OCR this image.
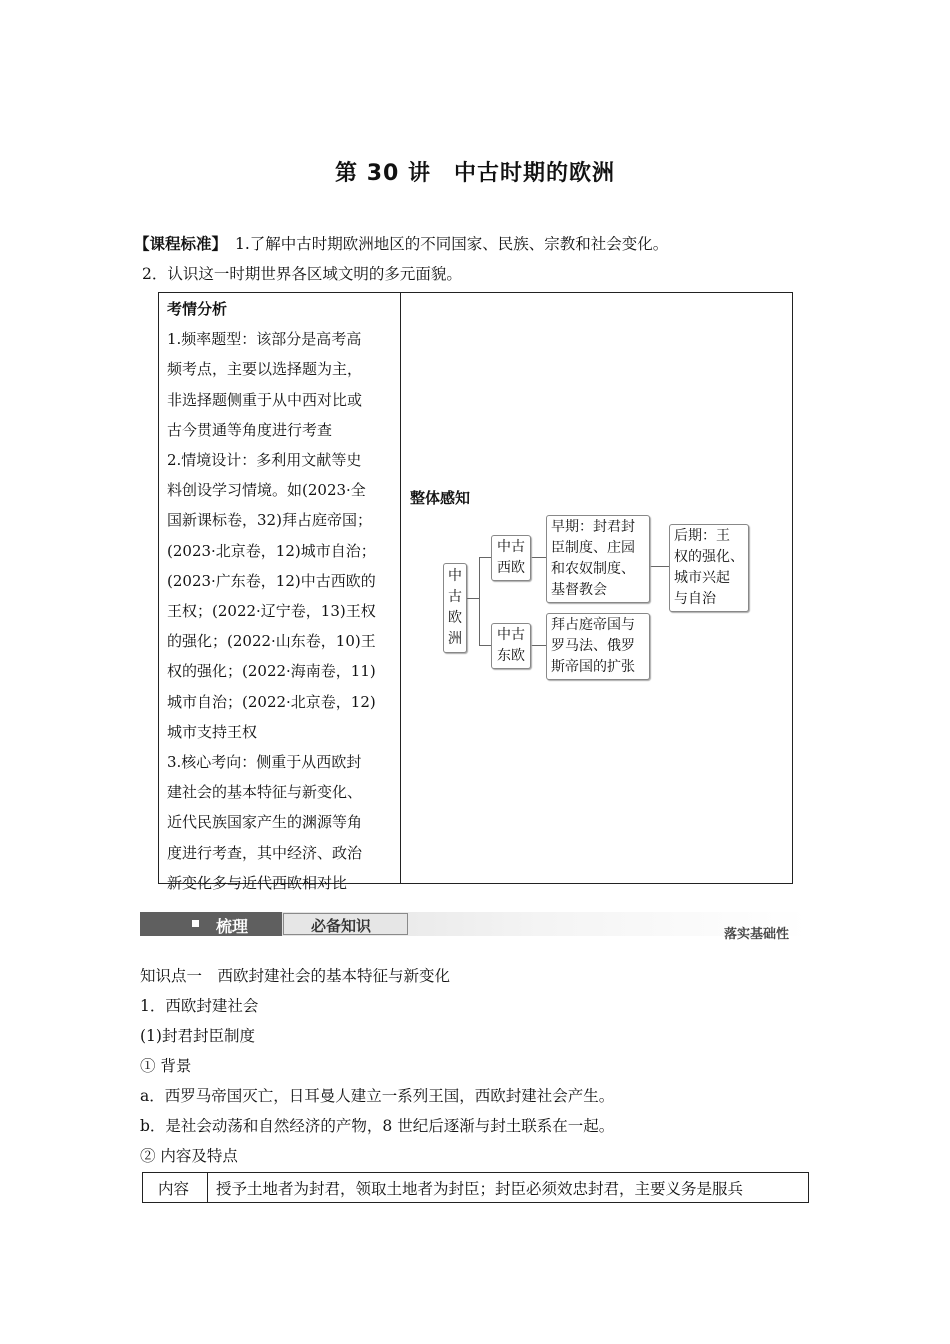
第 30 讲　中古时期的欧洲
【课程标准】 1.了解中古时期欧洲地区的不同国家、民族、宗教和社会变化。
2．认识这一时期世界各区域文明的多元面貌。
考情分析
1.频率题型：该部分是高考高
频考点，主要以选择题为主，
非选择题侧重于从中西对比或
古今贯通等角度进行考查
2.情境设计：多利用文献等史
料创设学习情境。如(2023·全
国新课标卷，32)拜占庭帝国；
(2023·北京卷，12)城市自治；
(2023·广东卷，12)中古西欧的
王权；(2022·辽宁卷，13)王权
的强化；(2022·山东卷，10)王
权的强化；(2022·海南卷，11)
城市自治；(2022·北京卷，12)
城市支持王权
3.核心考向：侧重于从西欧封
建社会的基本特征与新变化、
近代民族国家产生的渊源等角
度进行考查，其中经济、政治
新变化多与近代西欧相对比
整体感知
中
古
欧
洲
中古
西欧
中古
东欧
早期：封君封
臣制度、庄园
和农奴制度、
基督教会
后期：王
权的强化、
城市兴起
与自治
拜占庭帝国与
罗马法、俄罗
斯帝国的扩张
梳理	必备知识	落实基础性
知识点一　西欧封建社会的基本特征与新变化
1．西欧封建社会
(1)封君封臣制度
① 背景
a．西罗马帝国灭亡，日耳曼人建立一系列王国，西欧封建社会产生。
b．是社会动荡和自然经济的产物，8 世纪后逐渐与封土联系在一起。
② 内容及特点
内容 授予土地者为封君，领取土地者为封臣；封臣必须效忠封君，主要义务是服兵
